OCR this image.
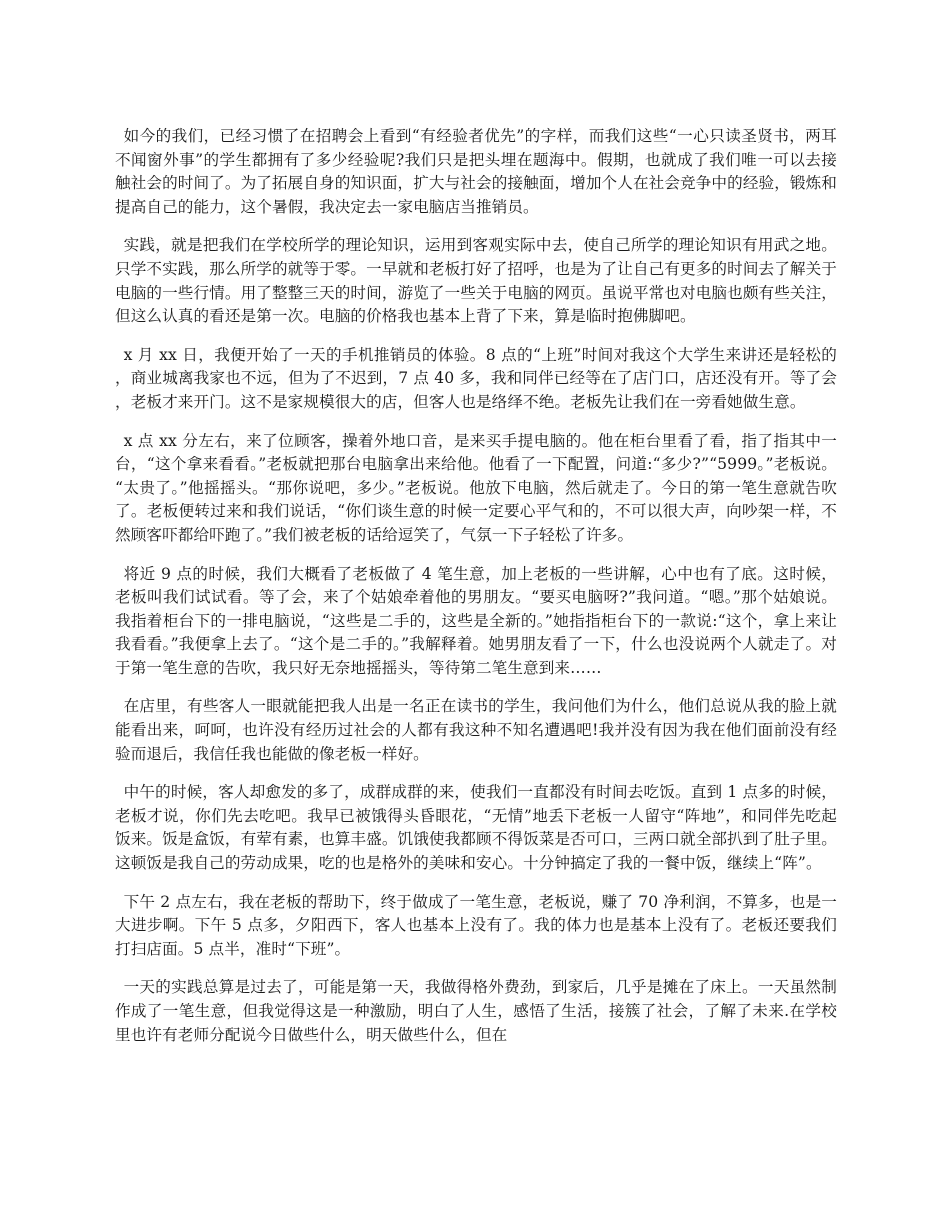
如今的我们，已经习惯了在招聘会上看到“有经验者优先”的字样，而我们这些“一心只读圣贤书，两耳不闻窗外事”的学生都拥有了多少经验呢?我们只是把头埋在题海中。假期，也就成了我们唯一可以去接触社会的时间了。为了拓展自身的知识面，扩大与社会的接触面，增加个人在社会竞争中的经验，锻炼和提高自己的能力，这个暑假，我决定去一家电脑店当推销员。

实践，就是把我们在学校所学的理论知识，运用到客观实际中去，使自己所学的理论知识有用武之地。只学不实践，那么所学的就等于零。一早就和老板打好了招呼，也是为了让自己有更多的时间去了解关于电脑的一些行情。用了整整三天的时间，游览了一些关于电脑的网页。虽说平常也对电脑也颇有些关注，但这么认真的看还是第一次。电脑的价格我也基本上背了下来，算是临时抱佛脚吧。

x 月 xx 日，我便开始了一天的手机推销员的体验。8 点的“上班”时间对我这个大学生来讲还是轻松的，商业城离我家也不远，但为了不迟到，7 点 40 多，我和同伴已经等在了店门口，店还没有开。等了会，老板才来开门。这不是家规模很大的店，但客人也是络绎不绝。老板先让我们在一旁看她做生意。

x 点 xx 分左右，来了位顾客，操着外地口音，是来买手提电脑的。他在柜台里看了看，指了指其中一台，“这个拿来看看。”老板就把那台电脑拿出来给他。他看了一下配置，问道:“多少?”“5999。”老板说。“太贵了。”他摇摇头。“那你说吧，多少。”老板说。他放下电脑，然后就走了。今日的第一笔生意就告吹了。老板便转过来和我们说话，“你们谈生意的时候一定要心平气和的，不可以很大声，向吵架一样，不然顾客吓都给吓跑了。”我们被老板的话给逗笑了，气氛一下子轻松了许多。

将近 9 点的时候，我们大概看了老板做了 4 笔生意，加上老板的一些讲解，心中也有了底。这时候，老板叫我们试试看。等了会，来了个姑娘牵着他的男朋友。“要买电脑呀?”我问道。“嗯。”那个姑娘说。我指着柜台下的一排电脑说，“这些是二手的，这些是全新的。”她指指柜台下的一款说:“这个，拿上来让我看看。”我便拿上去了。“这个是二手的。”我解释着。她男朋友看了一下，什么也没说两个人就走了。对于第一笔生意的告吹，我只好无奈地摇摇头，等待第二笔生意到来……

在店里，有些客人一眼就能把我人出是一名正在读书的学生，我问他们为什么，他们总说从我的脸上就能看出来，呵呵，也许没有经历过社会的人都有我这种不知名遭遇吧!我并没有因为我在他们面前没有经验而退后，我信任我也能做的像老板一样好。

中午的时候，客人却愈发的多了，成群成群的来，使我们一直都没有时间去吃饭。直到 1 点多的时候，老板才说，你们先去吃吧。我早已被饿得头昏眼花，“无情”地丢下老板一人留守“阵地”，和同伴先吃起饭来。饭是盒饭，有荤有素，也算丰盛。饥饿使我都顾不得饭菜是否可口，三两口就全部扒到了肚子里。这顿饭是我自己的劳动成果，吃的也是格外的美味和安心。十分钟搞定了我的一餐中饭，继续上“阵”。

下午 2 点左右，我在老板的帮助下，终于做成了一笔生意，老板说，赚了 70 净利润，不算多，也是一大进步啊。下午 5 点多，夕阳西下，客人也基本上没有了。我的体力也是基本上没有了。老板还要我们打扫店面。5 点半，准时“下班”。

一天的实践总算是过去了，可能是第一天，我做得格外费劲，到家后，几乎是摊在了床上。一天虽然制作成了一笔生意，但我觉得这是一种激励，明白了人生，感悟了生活，接簇了社会，了解了未来.在学校里也许有老师分配说今日做些什么，明天做些什么，但在
